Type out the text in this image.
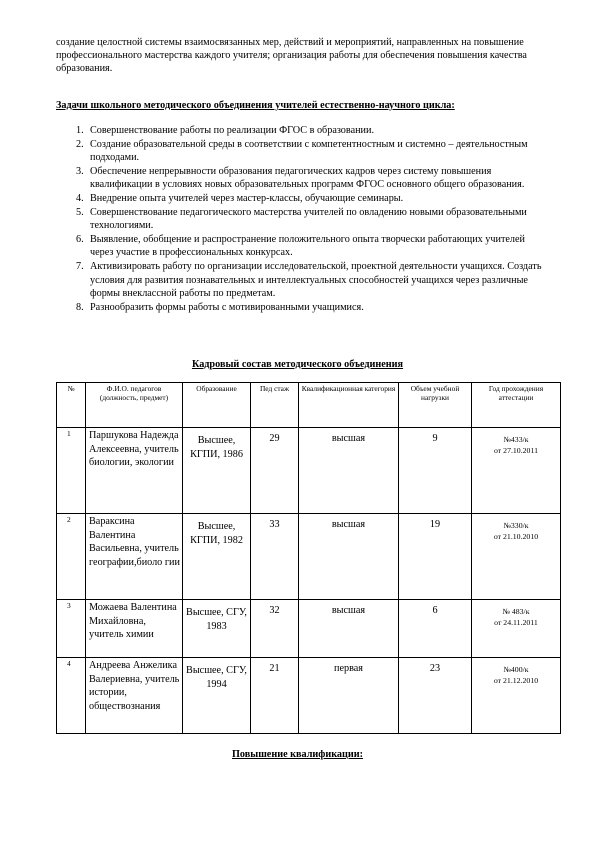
создание целостной системы взаимосвязанных мер, действий и мероприятий, направленных на повышение профессионального мастерства каждого учителя; организация работы для обеспечения повышения качества образования.

Задачи школьного методического объединения учителей естественно-научного цикла:

1. Совершенствование работы по реализации ФГОС в образовании.
2. Создание образовательной среды в соответствии с компетентностным и системно – деятельностным подходами.
3. Обеспечение непрерывности образования педагогических кадров через систему повышения квалификации в условиях новых образовательных программ ФГОС основного общего образования.
4. Внедрение опыта учителей через мастер-классы, обучающие семинары.
5. Совершенствование педагогического мастерства учителей по овладению новыми образовательными технологиями.
6. Выявление, обобщение и распространение положительного опыта творчески работающих учителей через участие в профессиональных конкурсах.
7. Активизировать работу по организации исследовательской, проектной деятельности учащихся. Создать условия для развития познавательных и интеллектуальных способностей учащихся через различные формы внеклассной работы по предметам.
8. Разнообразить формы работы с мотивированными учащимися.

Кадровый состав методического объединения

№	Ф.И.О. педагогов (должность, предмет)	Образование	Пед стаж	Квалификационная категория	Объем учебной нагрузки	Год прохождения аттестации
1	Паршукова Надежда Алексеевна, учитель биологии, экологии	Высшее, КГПИ, 1986	29	высшая	9	№433/к
от 27.10.2011

2	Вараксина Валентина Васильевна, учитель географии,биоло гии	Высшее, КГПИ, 1982	33	высшая	19	№330/к
от 21.10.2010

3	Можаева Валентина Михайловна, учитель химии	Высшее, СГУ, 1983	32	высшая	6	№ 483/к
от 24.11.2011

4	Андреева Анжелика Валериевна, учитель истории, обществознания	Высшее, СГУ, 1994	21	первая	23	№400/к
от 21.12.2010

Повышение квалификации:
